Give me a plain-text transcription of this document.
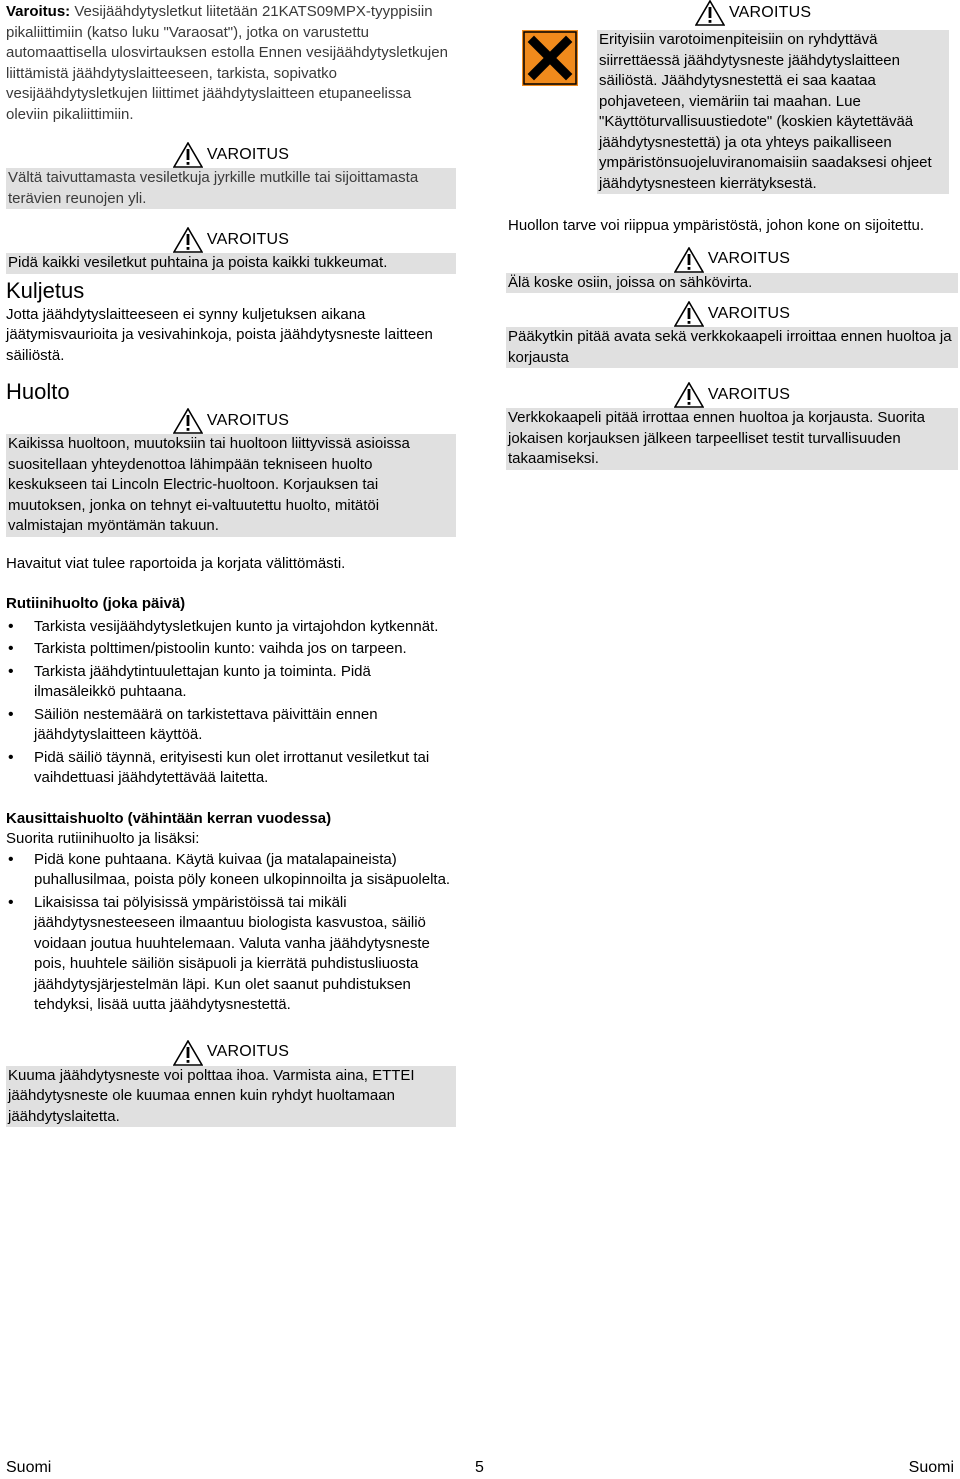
Varoitus: Vesijäähdytysletkut liitetään 21KATS09MPX-tyyppisiin pikaliittimiin (katso luku "Varaosat"), jotka on varustettu automaattisella ulosvirtauksen estolla Ennen vesijäähdytysletkujen liittämistä jäähdytyslaitteeseen, tarkista, sopivatko vesijäähdytysletkujen liittimet jäähdytyslaitteen etupaneelissa oleviin pikaliittimiin.

VAROITUS

Vältä taivuttamasta vesiletkuja jyrkille mutkille tai sijoittamasta terävien reunojen yli.

VAROITUS

Pidä kaikki vesiletkut puhtaina ja poista kaikki tukkeumat.

Kuljetus

Jotta jäähdytyslaitteeseen ei synny kuljetuksen aikana jäätymisvaurioita ja vesivahinkoja, poista jäähdytysneste laitteen säiliöstä.

Huolto
VAROITUS

Kaikissa huoltoon, muutoksiin tai huoltoon liittyvissä asioissa suositellaan yhteydenottoa lähimpään tekniseen huolto keskukseen tai Lincoln Electric-huoltoon. Korjauksen tai muutoksen, jonka on tehnyt ei-valtuutettu huolto, mitätöi valmistajan myöntämän takuun.

Havaitut viat tulee raportoida ja korjata välittömästi.

Rutiinihuolto (joka päivä)

• Tarkista vesijäähdytysletkujen kunto ja virtajohdon kytkennät.
• Tarkista polttimen/pistoolin kunto: vaihda jos on tarpeen.
• Tarkista jäähdytintuulettajan kunto ja toiminta. Pidä ilmasäleikkö puhtaana.
• Säiliön nestemäärä on tarkistettava päivittäin ennen jäähdytyslaitteen käyttöä.
• Pidä säiliö täynnä, erityisesti kun olet irrottanut vesiletkut tai vaihdettuasi jäähdytettävää laitetta.

Kausittaishuolto (vähintään kerran vuodessa)

Suorita rutiinihuolto ja lisäksi:

• Pidä kone puhtaana. Käytä kuivaa (ja matalapaineista) puhallusilmaa, poista pöly koneen ulkopinnoilta ja sisäpuolelta.
• Likaisissa tai pölyisissä ympäristöissä tai mikäli jäähdytysnesteeseen ilmaantuu biologista kasvustoa, säiliö voidaan joutua huuhtelemaan. Valuta vanha jäähdytysneste pois, huuhtele säiliön sisäpuoli ja kierrätä puhdistusliuosta jäähdytysjärjestelmän läpi. Kun olet saanut puhdistuksen tehdyksi, lisää uutta jäähdytysnestettä.
VAROITUS

Kuuma jäähdytysneste voi polttaa ihoa. Varmista aina, ETTEI jäähdytysneste ole kuumaa ennen kuin ryhdyt huoltamaan jäähdytyslaitetta.

VAROITUS

Erityisiin varotoimenpiteisiin on ryhdyttävä siirrettäessä jäähdytysneste jäähdytyslaitteen säiliöstä. Jäähdytysnestettä ei saa kaataa pohjaveteen, viemäriin tai maahan. Lue "Käyttöturvallisuustiedote" (koskien käytettävää jäähdytysnestettä) ja ota yhteys paikalliseen ympäristönsuojeluviranomaisiin saadaksesi ohjeet jäähdytysnesteen kierrätyksestä.

Huollon tarve voi riippua ympäristöstä, johon kone on sijoitettu.

VAROITUS

Älä koske osiin, joissa on sähkövirta.

VAROITUS

Pääkytkin pitää avata sekä verkkokaapeli irroittaa ennen huoltoa ja korjausta

VAROITUS

Verkkokaapeli pitää irrottaa ennen huoltoa ja korjausta. Suorita jokaisen korjauksen jälkeen tarpeelliset testit turvallisuuden takaamiseksi.

Suomi	5	Suomi
